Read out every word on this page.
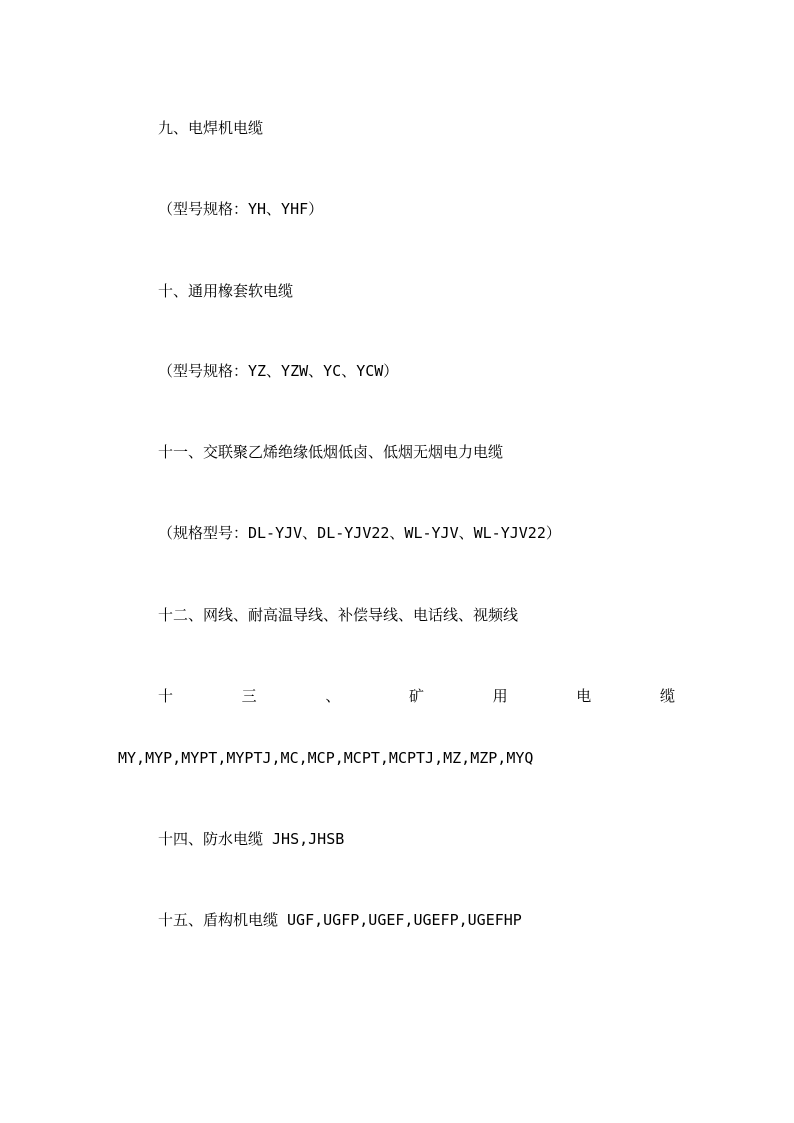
九、电焊机电缆
（型号规格：YH、YHF）
十、通用橡套软电缆
（型号规格：YZ、YZW、YC、YCW）
十一、交联聚乙烯绝缘低烟低卤、低烟无烟电力电缆
（规格型号：DL-YJV、DL-YJV22、WL-YJV、WL-YJV22）
十二、网线、耐高温导线、补偿导线、电话线、视频线
十	三	、	矿	用	电	缆
MY,MYP,MYPT,MYPTJ,MC,MCP,MCPT,MCPTJ,MZ,MZP,MYQ
十四、防水电缆 JHS,JHSB
十五、盾构机电缆 UGF,UGFP,UGEF,UGEFP,UGEFHP
